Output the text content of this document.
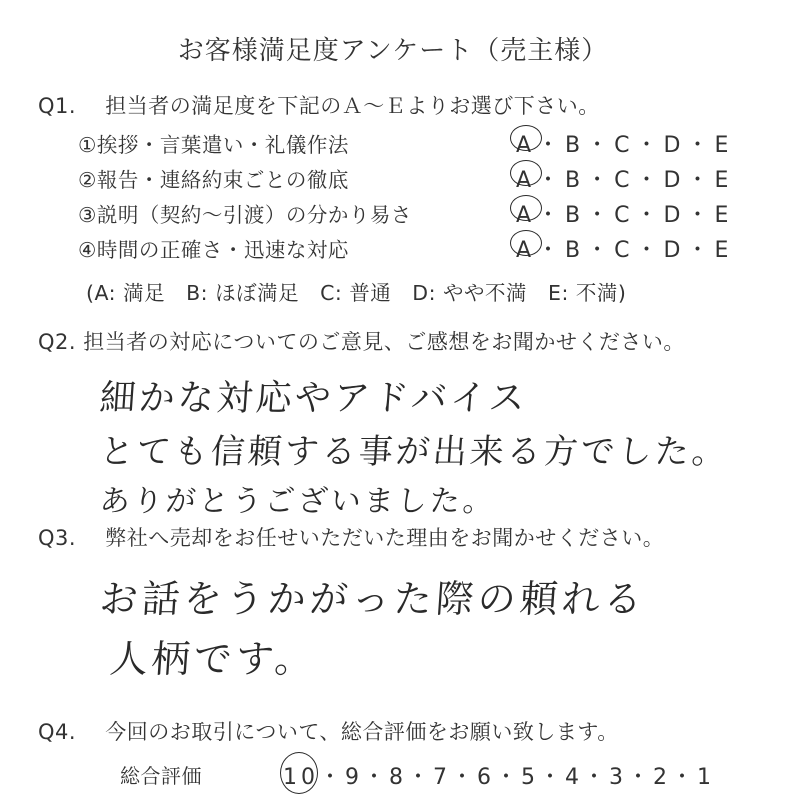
お客様満足度アンケート（売主様）
Q1. 担当者の満足度を下記のＡ～Ｅよりお選び下さい。
①挨拶・言葉遣い・礼儀作法	A・B・C・D・E
②報告・連絡約束ごとの徹底	A・B・C・D・E
③説明（契約～引渡）の分かり易さ	A・B・C・D・E
④時間の正確さ・迅速な対応	A・B・C・D・E
(A: 満足　B: ほぼ満足　C: 普通　D: やや不満　E: 不満)
Q2. 担当者の対応についてのご意見、ご感想をお聞かせください。
細かな対応やアドバイス
とても信頼する事が出来る方でした。
ありがとうございました。
Q3. 弊社へ売却をお任せいただいた理由をお聞かせください。
お話をうかがった際の頼れる
人柄です。
Q4. 今回のお取引について、総合評価をお願い致します。
総合評価	10・9・8・7・6・5・4・3・2・1
